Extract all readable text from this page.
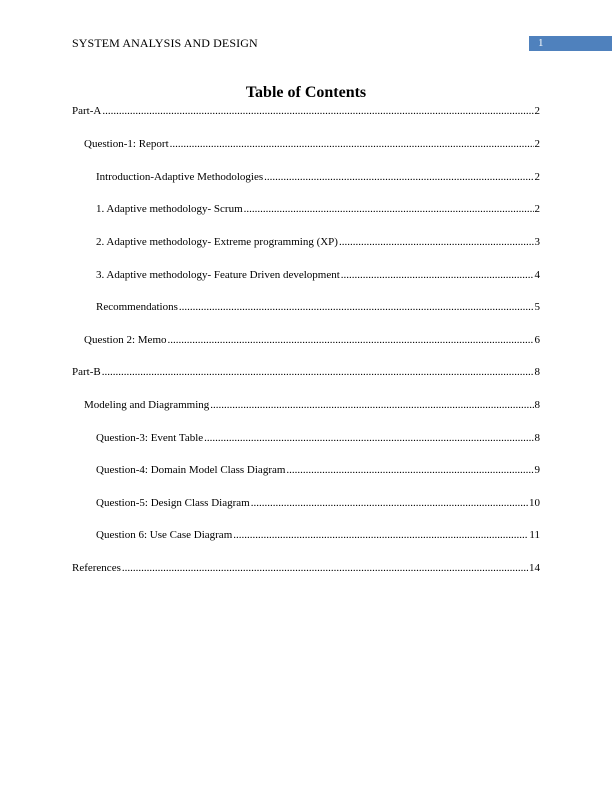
SYSTEM ANALYSIS AND DESIGN	1
Table of Contents
Part-A .....	2
Question-1: Report .....	2
Introduction-Adaptive Methodologies .....	2
1. Adaptive methodology- Scrum .....	2
2. Adaptive methodology- Extreme programming (XP) .....	3
3. Adaptive methodology- Feature Driven development .....	4
Recommendations .....	5
Question 2: Memo .....	6
Part-B .....	8
Modeling and Diagramming .....	8
Question-3: Event Table .....	8
Question-4: Domain Model Class Diagram .....	9
Question-5: Design Class Diagram .....	10
Question 6: Use Case Diagram .....	11
References .....	14
